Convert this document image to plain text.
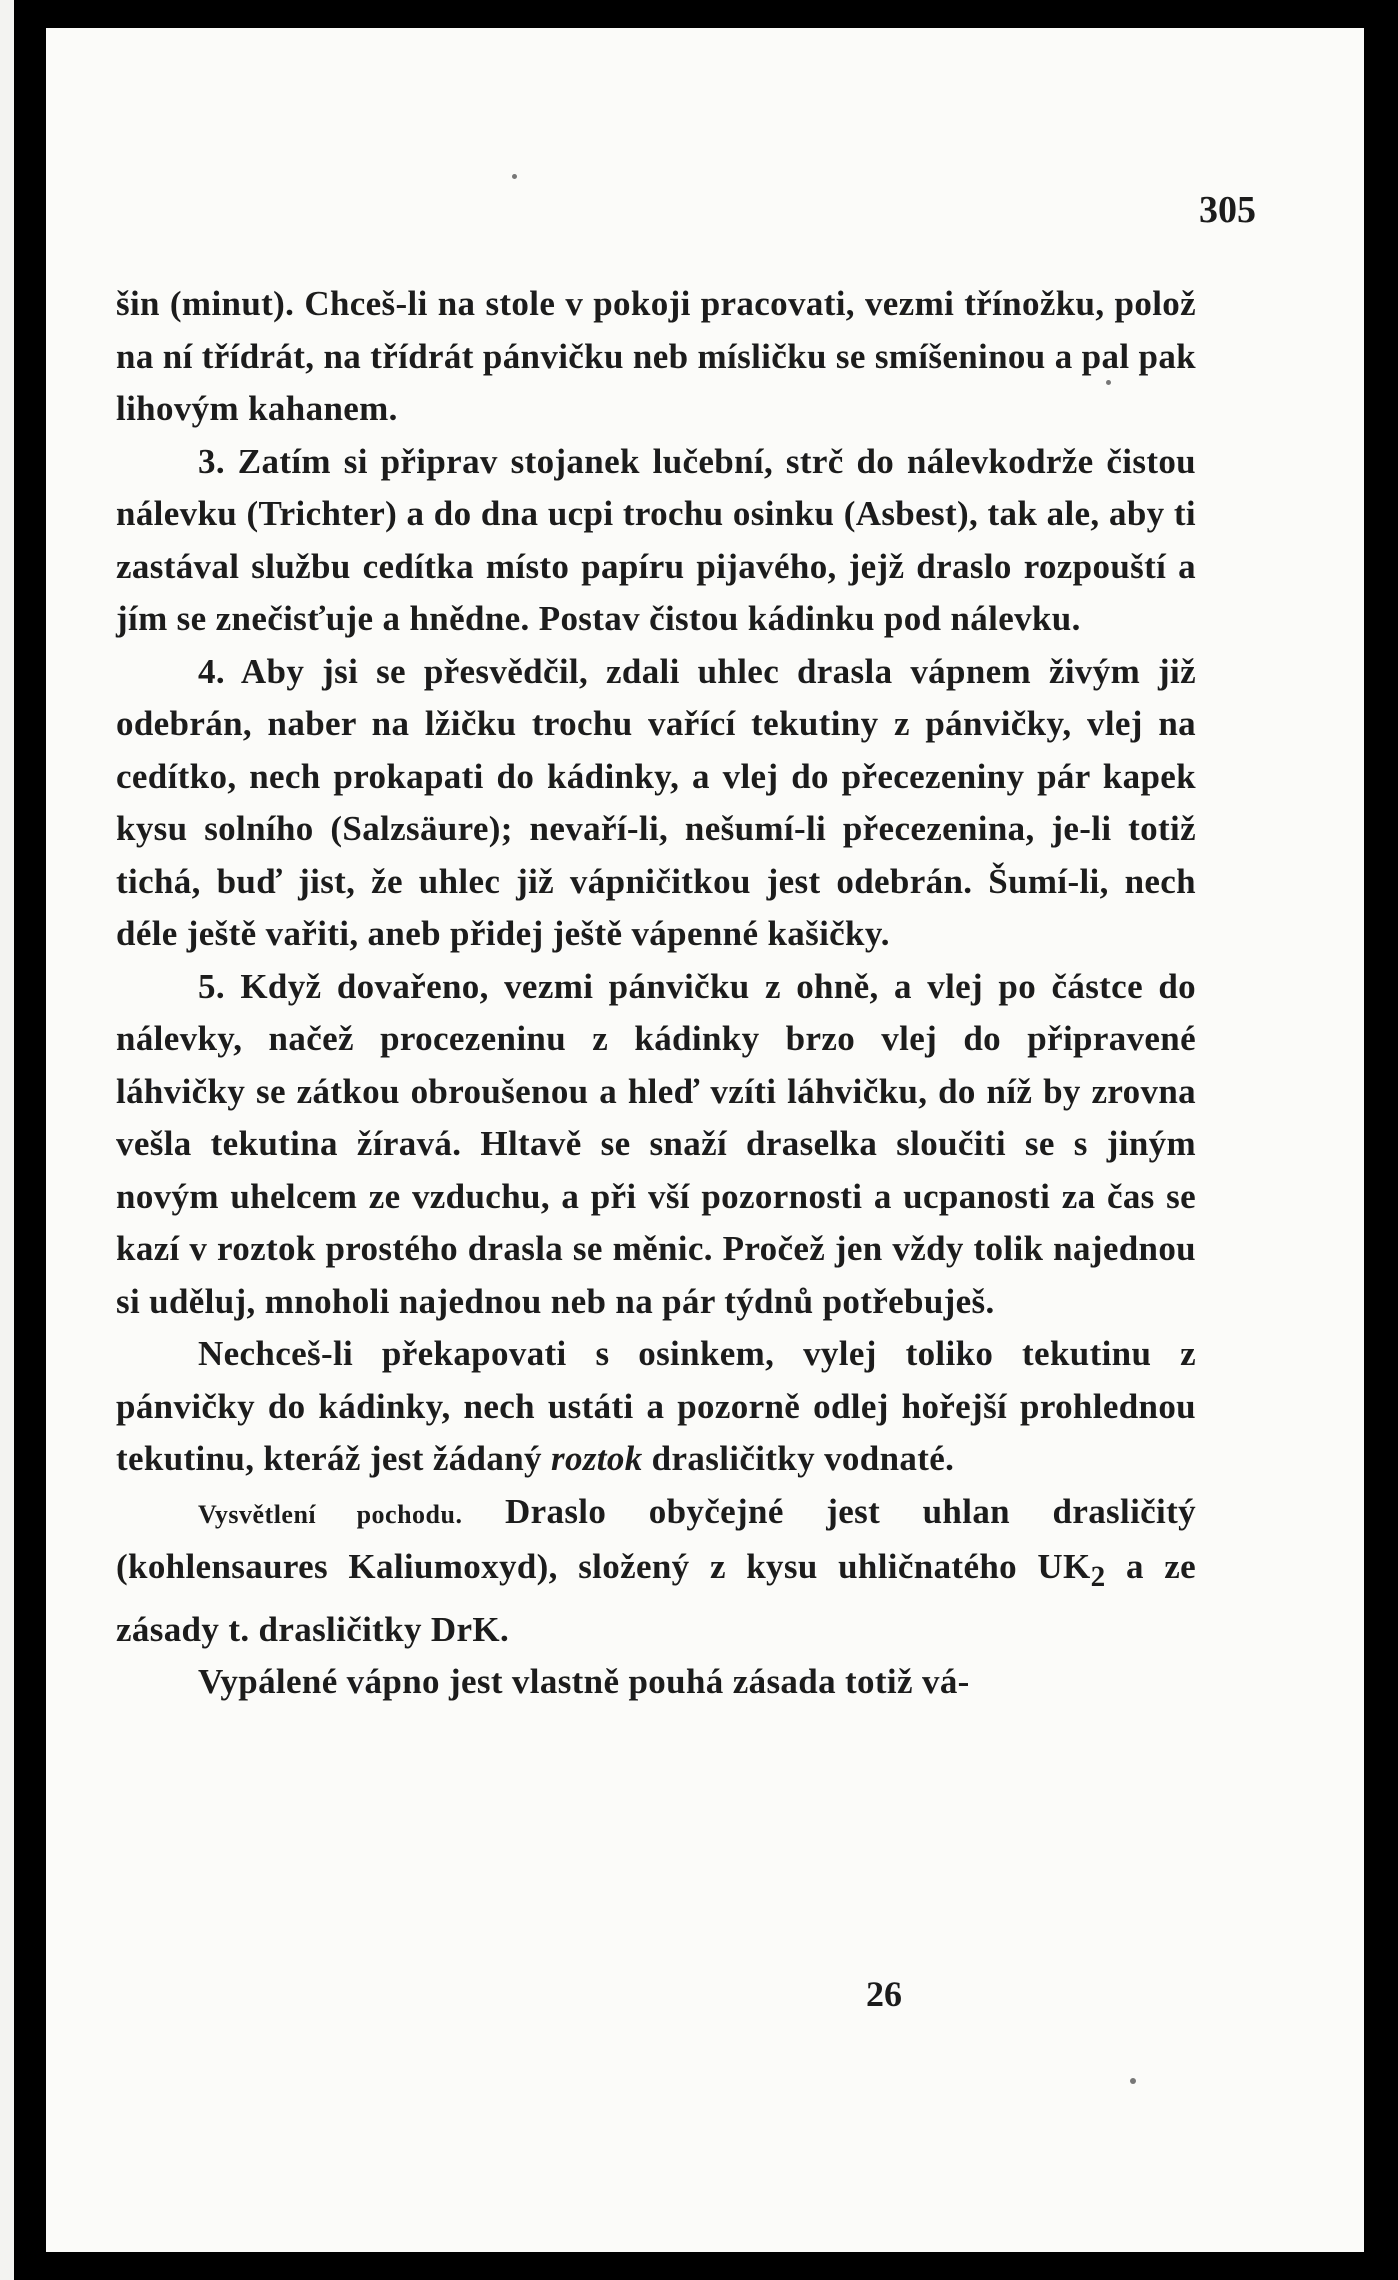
305

šin (minut). Chceš-li na stole v pokoji pracovati, vezmi třínožku, polož na ní třídrát, na třídrát pánvičku neb mísličku se smíšeninou a pal pak lihovým kahanem.

3. Zatím si připrav stojanek lučební, strč do nálevkodrže čistou nálevku (Trichter) a do dna ucpi trochu osinku (Asbest), tak ale, aby ti zastával službu cedítka místo papíru pijavého, jejž draslo rozpouští a jím se znečisťuje a hnědne. Postav čistou kádinku pod nálevku.

4. Aby jsi se přesvědčil, zdali uhlec drasla vápnem živým již odebrán, naber na lžičku trochu vařící tekutiny z pánvičky, vlej na cedítko, nech prokapati do kádinky, a vlej do přecezeniny pár kapek kysu solního (Salzsäure); nevaří-li, nešumí-li přecezenina, je-li totiž tichá, buď jist, že uhlec již vápničitkou jest odebrán. Šumí-li, nech déle ještě vařiti, aneb přidej ještě vápenné kašičky.

5. Když dovařeno, vezmi pánvičku z ohně, a vlej po částce do nálevky, načež procezeninu z kádinky brzo vlej do připravené láhvičky se zátkou obroušenou a hleď vzíti láhvičku, do níž by zrovna vešla tekutina žíravá. Hltavě se snaží draselka sloučiti se s jiným novým uhelcem ze vzduchu, a při vší pozornosti a ucpanosti za čas se kazí v roztok prostého drasla se měnic. Pročež jen vždy tolik najednou si uděluj, mnoholi najednou neb na pár týdnů potřebuješ.

Nechceš-li překapovati s osinkem, vylej toliko tekutinu z pánvičky do kádinky, nech ustáti a pozorně odlej hořejší prohlednou tekutinu, kteráž jest žádaný roztok drasličitky vodnaté.

Vysvětlení pochodu. Draslo obyčejné jest uhlan drasličitý (kohlensaures Kaliumoxyd), složený z kysu uhličnatého $UK_2$ a ze zásady t. drasličitky DrK.

Vypálené vápno jest vlastně pouhá zásada totiž vá-

26
